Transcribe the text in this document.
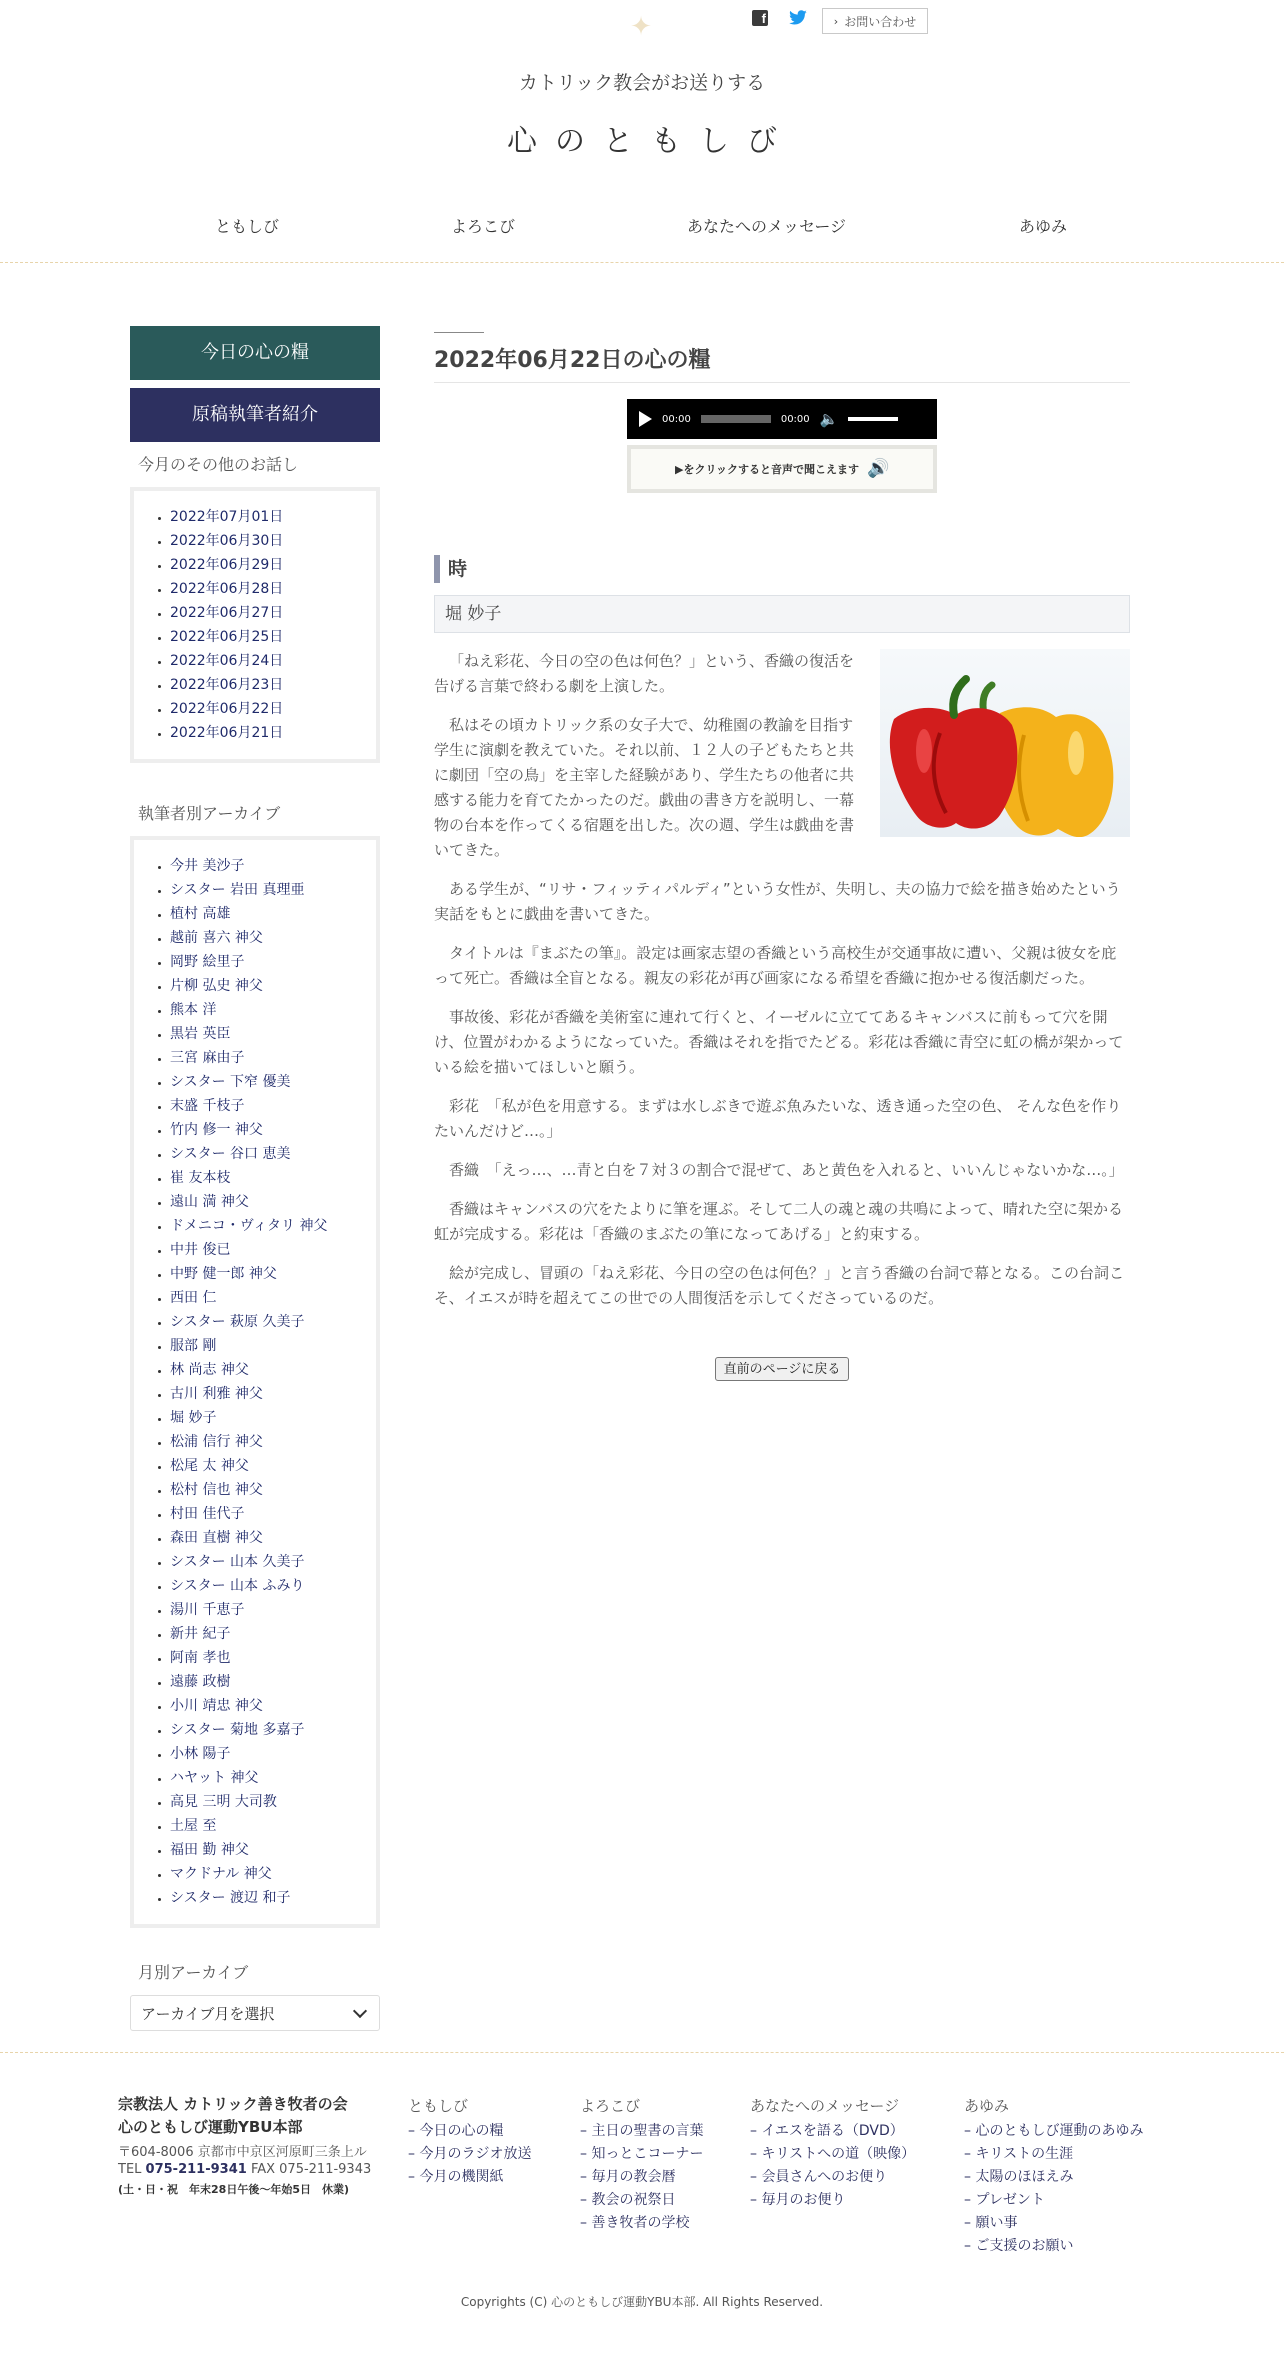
✦	f	› お問い合わせ
カトリック教会がお送りする
心のともしび
ともしび	よろこび	あなたへのメッセージ	あゆみ
今日の心の糧
原稿執筆者紹介
今月のその他のお話し
• 2022年07月01日
• 2022年06月30日
• 2022年06月29日
• 2022年06月28日
• 2022年06月27日
• 2022年06月25日
• 2022年06月24日
• 2022年06月23日
• 2022年06月22日
• 2022年06月21日
執筆者別アーカイブ
• 今井 美沙子
• シスター 岩田 真理亜
• 植村 高雄
• 越前 喜六 神父
• 岡野 絵里子
• 片柳 弘史 神父
• 熊本 洋
• 黒岩 英臣
• 三宮 麻由子
• シスター 下窄 優美
• 末盛 千枝子
• 竹内 修一 神父
• シスター 谷口 恵美
• 崔 友本枝
• 遠山 満 神父
• ドメニコ・ヴィタリ 神父
• 中井 俊已
• 中野 健一郎 神父
• 西田 仁
• シスター 萩原 久美子
• 服部 剛
• 林 尚志 神父
• 古川 利雅 神父
• 堀 妙子
• 松浦 信行 神父
• 松尾 太 神父
• 松村 信也 神父
• 村田 佳代子
• 森田 直樹 神父
• シスター 山本 久美子
• シスター 山本 ふみり
• 湯川 千恵子
• 新井 紀子
• 阿南 孝也
• 遠藤 政樹
• 小川 靖忠 神父
• シスター 菊地 多嘉子
• 小林 陽子
• ハヤット 神父
• 高見 三明 大司教
• 土屋 至
• 福田 勤 神父
• マクドナル 神父
• シスター 渡辺 和子
月別アーカイブ
アーカイブ月を選択
2022年06月22日の心の糧
00:00	00:00 🔈
▶をクリックすると音声で聞こえます 🔊
時
堀 妙子

「ねえ彩花、今日の空の色は何色？」という、香織の復活を告げる言葉で終わる劇を上演した。

私はその頃カトリック系の女子大で、幼稚園の教諭を目指す学生に演劇を教えていた。それ以前、１２人の子どもたちと共に劇団「空の鳥」を主宰した経験があり、学生たちの他者に共感する能力を育てたかったのだ。戯曲の書き方を説明し、一幕物の台本を作ってくる宿題を出した。次の週、学生は戯曲を書いてきた。

ある学生が、“リサ・フィッティパルディ”という女性が、失明し、夫の協力で絵を描き始めたという実話をもとに戯曲を書いてきた。

タイトルは『まぶたの筆』。設定は画家志望の香織という高校生が交通事故に遭い、父親は彼女を庇って死亡。香織は全盲となる。親友の彩花が再び画家になる希望を香織に抱かせる復活劇だった。

事故後、彩花が香織を美術室に連れて行くと、イーゼルに立ててあるキャンバスに前もって穴を開け、位置がわかるようになっていた。香織はそれを指でたどる。彩花は香織に青空に虹の橋が架かっている絵を描いてほしいと願う。

彩花　「私が色を用意する。まずは水しぶきで遊ぶ魚みたいな、透き通った空の色、 そんな色を作りたいんだけど…。」

香織　「えっ…、…青と白を７対３の割合で混ぜて、あと黄色を入れると、いいんじゃないかな…。」

香織はキャンバスの穴をたよりに筆を運ぶ。そして二人の魂と魂の共鳴によって、晴れた空に架かる虹が完成する。彩花は「香織のまぶたの筆になってあげる」と約束する。

絵が完成し、冒頭の「ねえ彩花、今日の空の色は何色？」と言う香織の台詞で幕となる。この台詞こそ、イエスが時を超えてこの世での人間復活を示してくださっているのだ。

直前のページに戻る
宗教法人 カトリック善き牧者の会
心のともしび運動YBU本部
〒604-8006 京都市中京区河原町三条上ル
TEL 075-211-9341 FAX 075-211-9343
(土・日・祝　年末28日午後〜年始5日　休業)
ともしび
– 今日の心の糧
– 今月のラジオ放送
– 今月の機関紙
よろこび
– 主日の聖書の言葉
– 知っとこコーナー
– 毎月の教会暦
– 教会の祝祭日
– 善き牧者の学校
あなたへのメッセージ
– イエスを語る（DVD）
– キリストへの道（映像）
– 会員さんへのお便り
– 毎月のお便り
あゆみ
– 心のともしび運動のあゆみ
– キリストの生涯
– 太陽のほほえみ
– プレゼント
– 願い事
– ご支援のお願い
Copyrights (C) 心のともしび運動YBU本部. All Rights Reserved.
